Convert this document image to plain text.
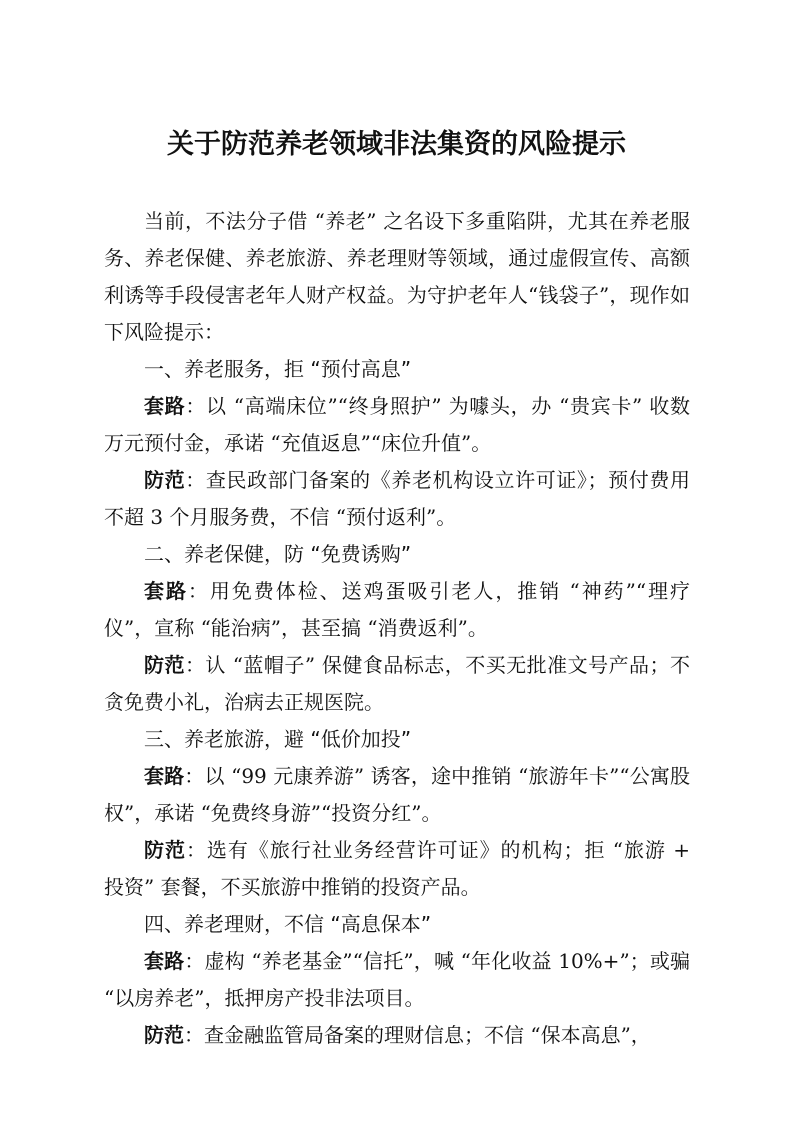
关于防范养老领域非法集资的风险提示

当前，不法分子借 “养老” 之名设下多重陷阱，尤其在养老服务、养老保健、养老旅游、养老理财等领域，通过虚假宣传、高额利诱等手段侵害老年人财产权益。为守护老年人“钱袋子”，现作如下风险提示：

一、养老服务，拒 “预付高息”

套路：以 “高端床位”“终身照护” 为噱头，办 “贵宾卡” 收数万元预付金，承诺 “充值返息”“床位升值”。

防范：查民政部门备案的《养老机构设立许可证》；预付费用不超 3 个月服务费，不信 “预付返利”。

二、养老保健，防 “免费诱购”

套路：用免费体检、送鸡蛋吸引老人，推销 “神药”“理疗仪”，宣称 “能治病”，甚至搞 “消费返利”。

防范：认 “蓝帽子” 保健食品标志，不买无批准文号产品；不贪免费小礼，治病去正规医院。

三、养老旅游，避 “低价加投”

套路：以 “99 元康养游” 诱客，途中推销 “旅游年卡”“公寓股权”，承诺 “免费终身游”“投资分红”。

防范：选有《旅行社业务经营许可证》的机构；拒 “旅游 + 投资” 套餐，不买旅游中推销的投资产品。

四、养老理财，不信 “高息保本”

套路：虚构 “养老基金”“信托”，喊 “年化收益 10%+”；或骗 “以房养老”，抵押房产投非法项目。

防范：查金融监管局备案的理财信息；不信 “保本高息”，
